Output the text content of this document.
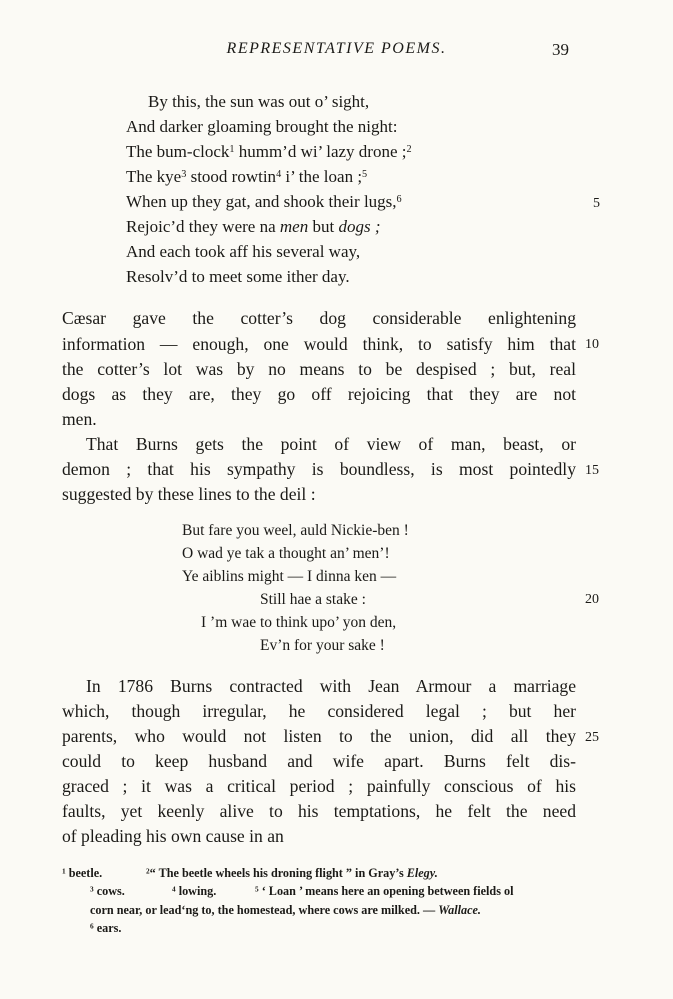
REPRESENTATIVE POEMS.	39
By this, the sun was out o’ sight,
And darker gloaming brought the night:
The bum-clock$^1$ humm’d wi’ lazy drone ;$^2$
The kye$^3$ stood rowtin$^4$ i’ the loan ;$^5$
When up they gat, and shook their lugs,$^6$
Rejoic’d they were na men but dogs ;
And each took aff his several way,
Resolv’d to meet some ither day.
5
10
15
20
25
Cæsar gave the cotter’s dog considerable enlightening
information — enough, one would think, to satisfy him that
the cotter’s lot was by no means to be despised ; but, real
dogs as they are, they go off rejoicing that they are not
men.
That Burns gets the point of view of man, beast, or
demon ; that his sympathy is boundless, is most pointedly
suggested by these lines to the deil :
But fare you weel, auld Nickie-ben !
O wad ye tak a thought an’ men’!
Ye aiblins might — I dinna ken —
Still hae a stake :
I ’m wae to think upo’ yon den,
Ev’n for your sake !
In 1786 Burns contracted with Jean Armour a marriage
which, though irregular, he considered legal ; but her
parents, who would not listen to the union, did all they
could to keep husband and wife apart. Burns felt dis-
graced ; it was a critical period ; painfully conscious of his
faults, yet keenly alive to his temptations, he felt the need
of pleading his own cause in an
$^1$ beetle.	$^2$“ The beetle wheels his droning flight ” in Gray’s Elegy.
$^3$ cows.	$^4$ lowing.	$^5$ ‘ Loan ’ means here an opening between fields ol
corn near, or lead‘ng to, the homestead, where cows are milked. — Wallace.
$^6$ ears.
